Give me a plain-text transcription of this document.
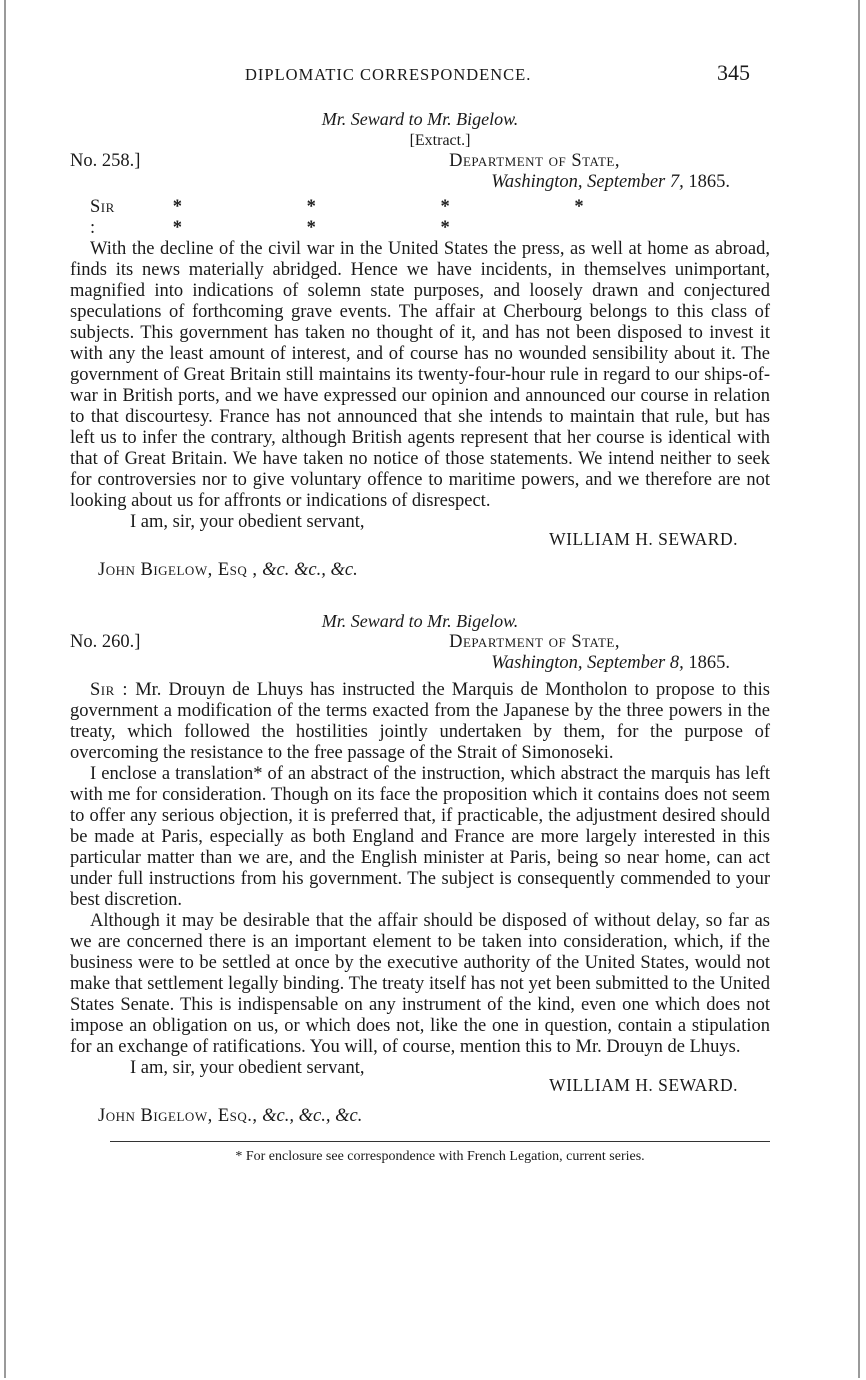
DIPLOMATIC CORRESPONDENCE.	345
Mr. Seward to Mr. Bigelow.
[Extract.]
No. 258.]	Department of State,
Washington, September 7, 1865.
Sir :
* * * * * * *

With the decline of the civil war in the United States the press, as well at home as abroad, finds its news materially abridged. Hence we have incidents, in themselves unimportant, magnified into indications of solemn state purposes, and loosely drawn and conjectured speculations of forthcoming grave events. The affair at Cherbourg belongs to this class of subjects. This government has taken no thought of it, and has not been disposed to invest it with any the least amount of interest, and of course has no wounded sensibility about it. The government of Great Britain still maintains its twenty-four-hour rule in regard to our ships-of-war in British ports, and we have expressed our opinion and announced our course in relation to that discourtesy. France has not announced that she intends to maintain that rule, but has left us to infer the contrary, although British agents represent that her course is identical with that of Great Britain. We have taken no notice of those statements. We intend neither to seek for controversies nor to give voluntary offence to maritime powers, and we therefore are not looking about us for affronts or indications of disrespect.

I am, sir, your obedient servant,
WILLIAM H. SEWARD.
John Bigelow, Esq , &c. &c., &c.
Mr. Seward to Mr. Bigelow.
No. 260.]	Department of State,
Washington, September 8, 1865.

Sir : Mr. Drouyn de Lhuys has instructed the Marquis de Montholon to propose to this government a modification of the terms exacted from the Japanese by the three powers in the treaty, which followed the hostilities jointly undertaken by them, for the purpose of overcoming the resistance to the free passage of the Strait of Simonoseki.

I enclose a translation* of an abstract of the instruction, which abstract the marquis has left with me for consideration. Though on its face the proposition which it contains does not seem to offer any serious objection, it is preferred that, if practicable, the adjustment desired should be made at Paris, especially as both England and France are more largely interested in this particular matter than we are, and the English minister at Paris, being so near home, can act under full instructions from his government. The subject is consequently commended to your best discretion.

Although it may be desirable that the affair should be disposed of without delay, so far as we are concerned there is an important element to be taken into consideration, which, if the business were to be settled at once by the executive authority of the United States, would not make that settlement legally binding. The treaty itself has not yet been submitted to the United States Senate. This is indispensable on any instrument of the kind, even one which does not impose an obligation on us, or which does not, like the one in question, contain a stipulation for an exchange of ratifications. You will, of course, mention this to Mr. Drouyn de Lhuys.

I am, sir, your obedient servant,
WILLIAM H. SEWARD.
John Bigelow, Esq., &c., &c., &c.
* For enclosure see correspondence with French Legation, current series.
